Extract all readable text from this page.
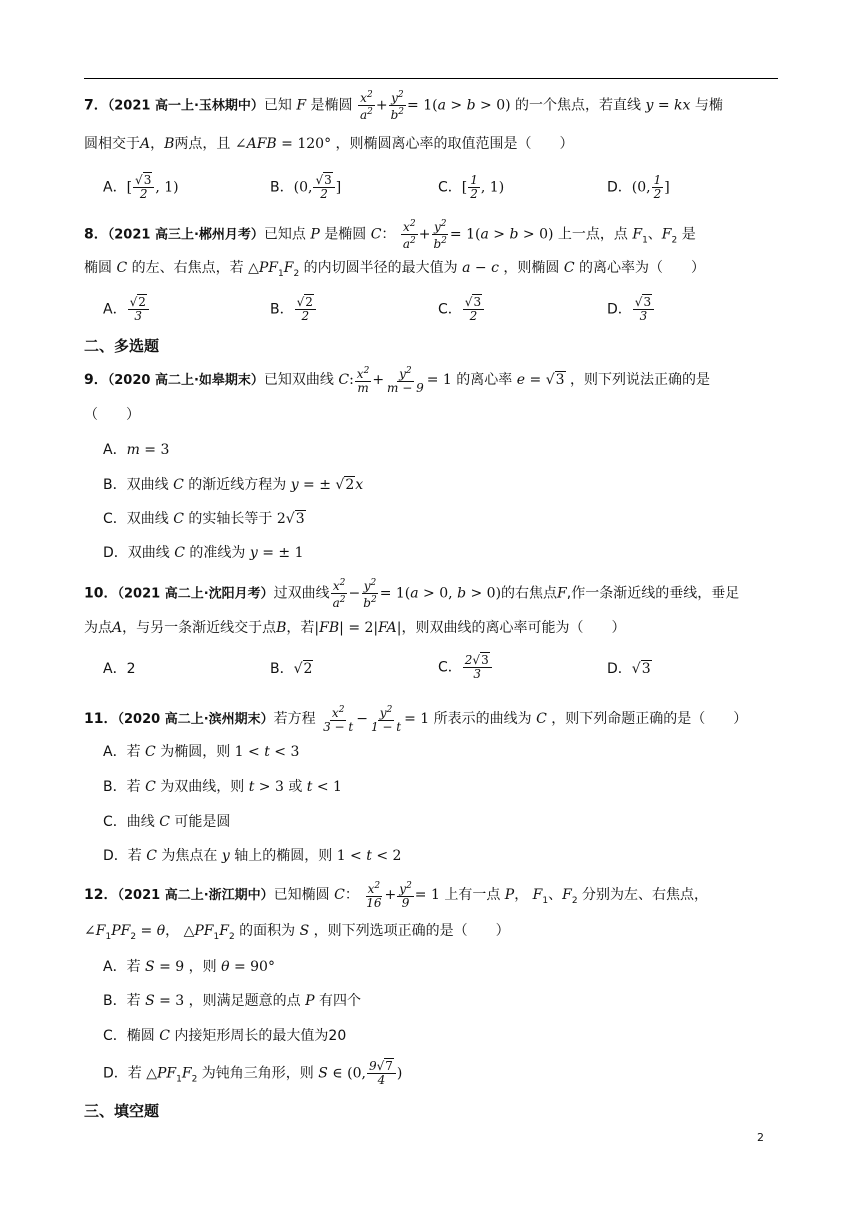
7．（2021 高一上·玉林期中）已知 F 是椭圆 $\frac{x^2}{a^2} + \frac{y^2}{b^2} = 1(a > b > 0)$ 的一个焦点，若直线 y = kx 与椭
圆相交于A，B两点，且 ∠AFB = 120° ，则椭圆离心率的取值范围是（　　）
A．[ $\frac{√3}{2}$ , 1)	B．(0, $\frac{√3}{2}$ ]	C．[ $\frac{1}{2}$ , 1)	D．(0, $\frac{1}{2}$ ]
8．（2021 高三上·郴州月考）已知点 P 是椭圆 C： $\frac{x^2}{a^2} + \frac{y^2}{b^2} = 1(a > b > 0)$ 上一点，点 $F_1$、$F_2$ 是
椭圆 C 的左、右焦点，若 $\triangle PF_1F_2$ 的内切圆半径的最大值为 a − c ，则椭圆 C 的离心率为（　　）
A． $\frac{√2}{3}$	B． $\frac{√2}{2}$	C． $\frac{√3}{2}$	D． $\frac{√3}{3}$
二、多选题
9．（2020 高二上·如皋期末）已知双曲线 C: $\frac{x^2}{m} + \frac{y^2}{m - 9} = 1$ 的离心率 e = √3 ，则下列说法正确的是
（　　）
A．m = 3
B．双曲线 C 的渐近线方程为 y = ± √2x
C．双曲线 C 的实轴长等于 2√3
D．双曲线 C 的准线为 y = ± 1
10．（2021 高二上·沈阳月考）过双曲线 $\frac{x^2}{a^2} - \frac{y^2}{b^2} = 1(a > 0$, b > 0)的右焦点F,作一条渐近线的垂线，垂足
为点A，与另一条渐近线交于点B，若|FB| = 2|FA|，则双曲线的离心率可能为（　　）
A．2	B．√2	C． $\frac{2√3}{3}$	D．√3
11．（2020 高二上·滨州期末）若方程 $\frac{x^2}{3 - t} - \frac{y^2}{1 - t} = 1$ 所表示的曲线为 C ，则下列命题正确的是（　　）
A．若 C 为椭圆，则 1 < t < 3
B．若 C 为双曲线，则 t > 3 或 t < 1
C．曲线 C 可能是圆
D．若 C 为焦点在 y 轴上的椭圆，则 1 < t < 2
12．（2021 高二上·浙江期中）已知椭圆 C： $\frac{x^2}{16} + \frac{y^2}{9} = 1$ 上有一点 P， $F_1$、$F_2$ 分别为左、右焦点，
$\angle F_1PF_2 = \theta$， $\triangle PF_1F_2$ 的面积为 S ，则下列选项正确的是（　　）
A．若 S = 9 ，则 θ = 90°
B．若 S = 3 ，则满足题意的点 P 有四个
C．椭圆 C 内接矩形周长的最大值为20
D．若 $\triangle PF_1F_2$ 为钝角三角形，则 S ∈ (0, $\frac{9√7}{4}$ )
三、填空题
2
